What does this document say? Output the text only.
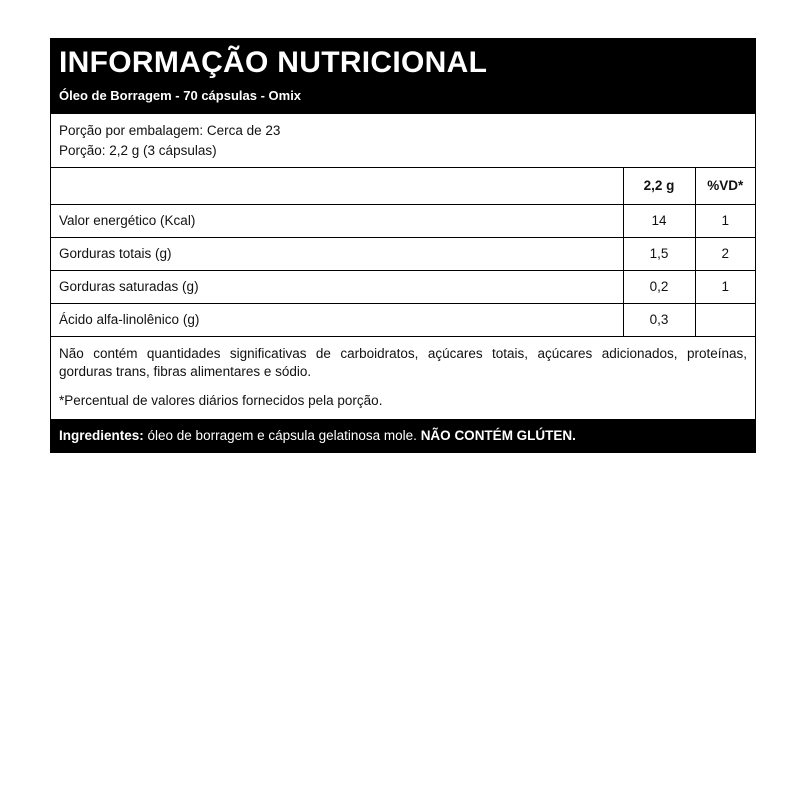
INFORMAÇÃO NUTRICIONAL
Óleo de Borragem - 70 cápsulas - Omix
Porção por embalagem: Cerca de 23
Porção: 2,2 g (3 cápsulas)
	2,2 g	%VD*
Valor energético (Kcal)	14	1
Gorduras totais (g)	1,5	2
Gorduras saturadas (g)	0,2	1
Ácido alfa-linolênico (g)	0,3	
Não contém quantidades significativas de carboidratos, açúcares totais, açúcares adicionados, proteínas, gorduras trans, fibras alimentares e sódio.
*Percentual de valores diários fornecidos pela porção.
Ingredientes: óleo de borragem e cápsula gelatinosa mole. NÃO CONTÉM GLÚTEN.
